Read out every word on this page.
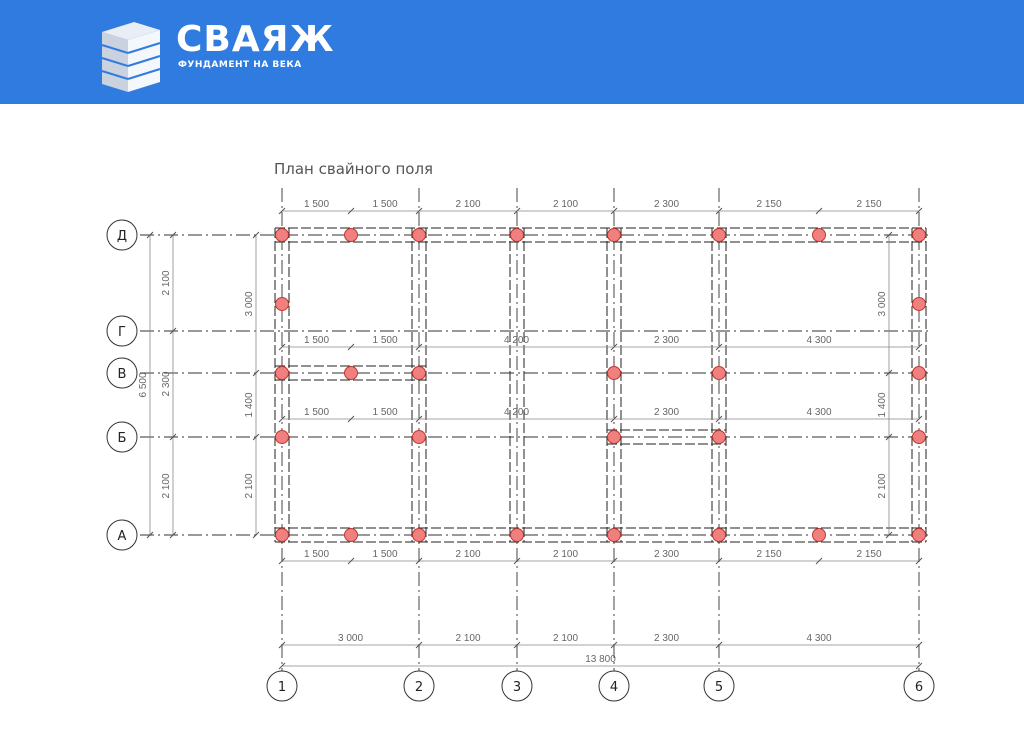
СВАЯЖ
ФУНДАМЕНТ НА ВЕКА
План свайного поля
1 500	1 500	2 100	2 100	2 300	2 150	2 150
1 500	1 500	4 200	2 300	4 300
1 500	1 500	4 200	2 300	4 300
1 500	1 500	2 100	2 100	2 300	2 150	2 150
3 000	2 100	2 100	2 300	4 300
13 800
6 500
2 100
2 300
2 100
3 000
1 400
2 100
3 000
1 400
2 100
1	2	3	4	5	6
Д
Г
В
Б
А
